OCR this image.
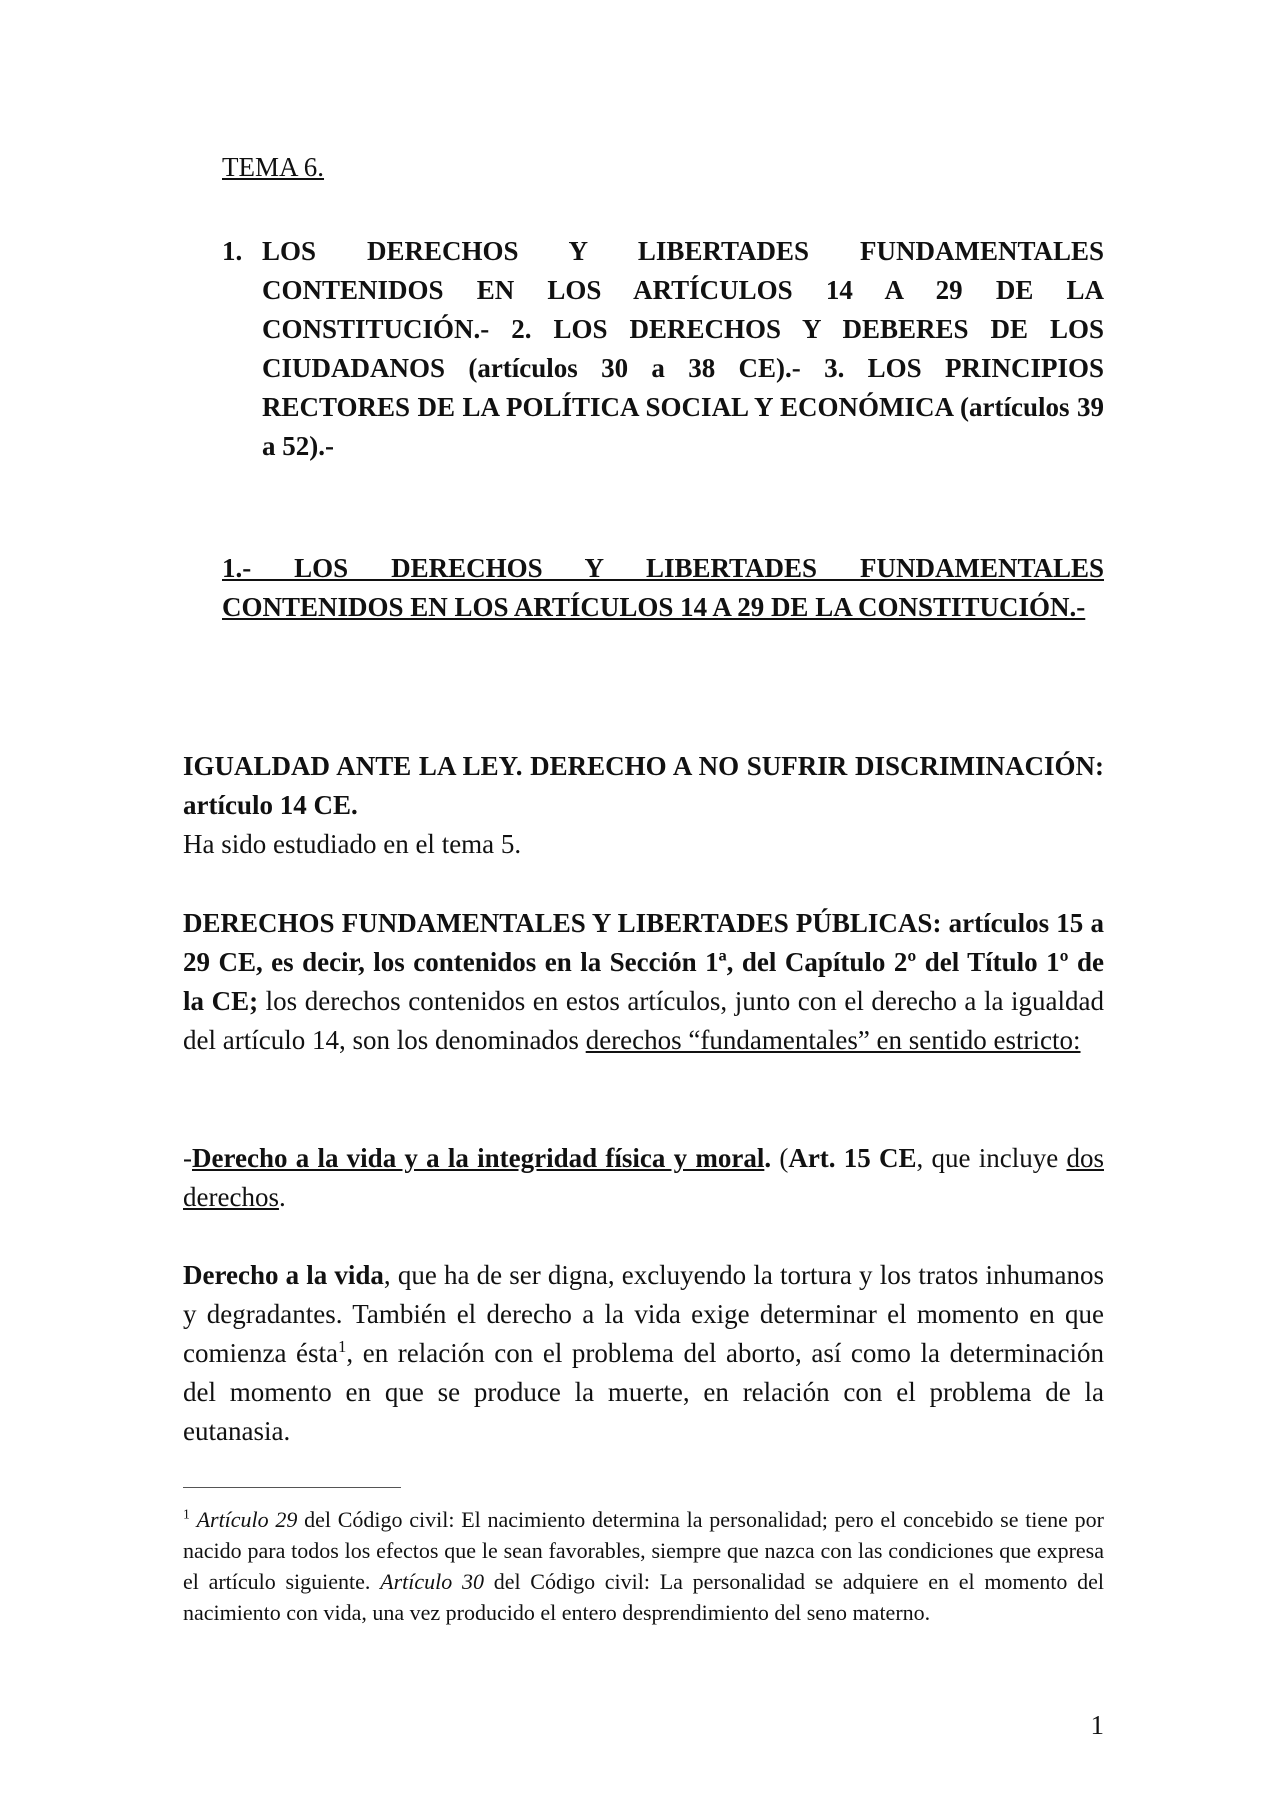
TEMA 6.

1. LOS DERECHOS Y LIBERTADES FUNDAMENTALES CONTENIDOS EN LOS ARTÍCULOS 14 A 29 DE LA CONSTITUCIÓN.- 2. LOS DERECHOS Y DEBERES DE LOS CIUDADANOS (artículos 30 a 38 CE).- 3. LOS PRINCIPIOS RECTORES DE LA POLÍTICA SOCIAL Y ECONÓMICA (artículos 39 a 52).-

1.- LOS DERECHOS Y LIBERTADES FUNDAMENTALES CONTENIDOS EN LOS ARTÍCULOS 14 A 29 DE LA CONSTITUCIÓN.-

IGUALDAD ANTE LA LEY. DERECHO A NO SUFRIR DISCRIMINACIÓN: artículo 14 CE.
Ha sido estudiado en el tema 5.

DERECHOS FUNDAMENTALES Y LIBERTADES PÚBLICAS: artículos 15 a 29 CE, es decir, los contenidos en la Sección 1ª, del Capítulo 2º del Título 1º de la CE; los derechos contenidos en estos artículos, junto con el derecho a la igualdad del artículo 14, son los denominados derechos “fundamentales” en sentido estricto:

-Derecho a la vida y a la integridad física y moral. (Art. 15 CE, que incluye dos derechos.

Derecho a la vida, que ha de ser digna, excluyendo la tortura y los tratos inhumanos y degradantes. También el derecho a la vida exige determinar el momento en que comienza ésta$^1$, en relación con el problema del aborto, así como la determinación del momento en que se produce la muerte, en relación con el problema de la eutanasia.

$^1$ Artículo 29 del Código civil: El nacimiento determina la personalidad; pero el concebido se tiene por nacido para todos los efectos que le sean favorables, siempre que nazca con las condiciones que expresa el artículo siguiente. Artículo 30 del Código civil: La personalidad se adquiere en el momento del nacimiento con vida, una vez producido el entero desprendimiento del seno materno.

1
